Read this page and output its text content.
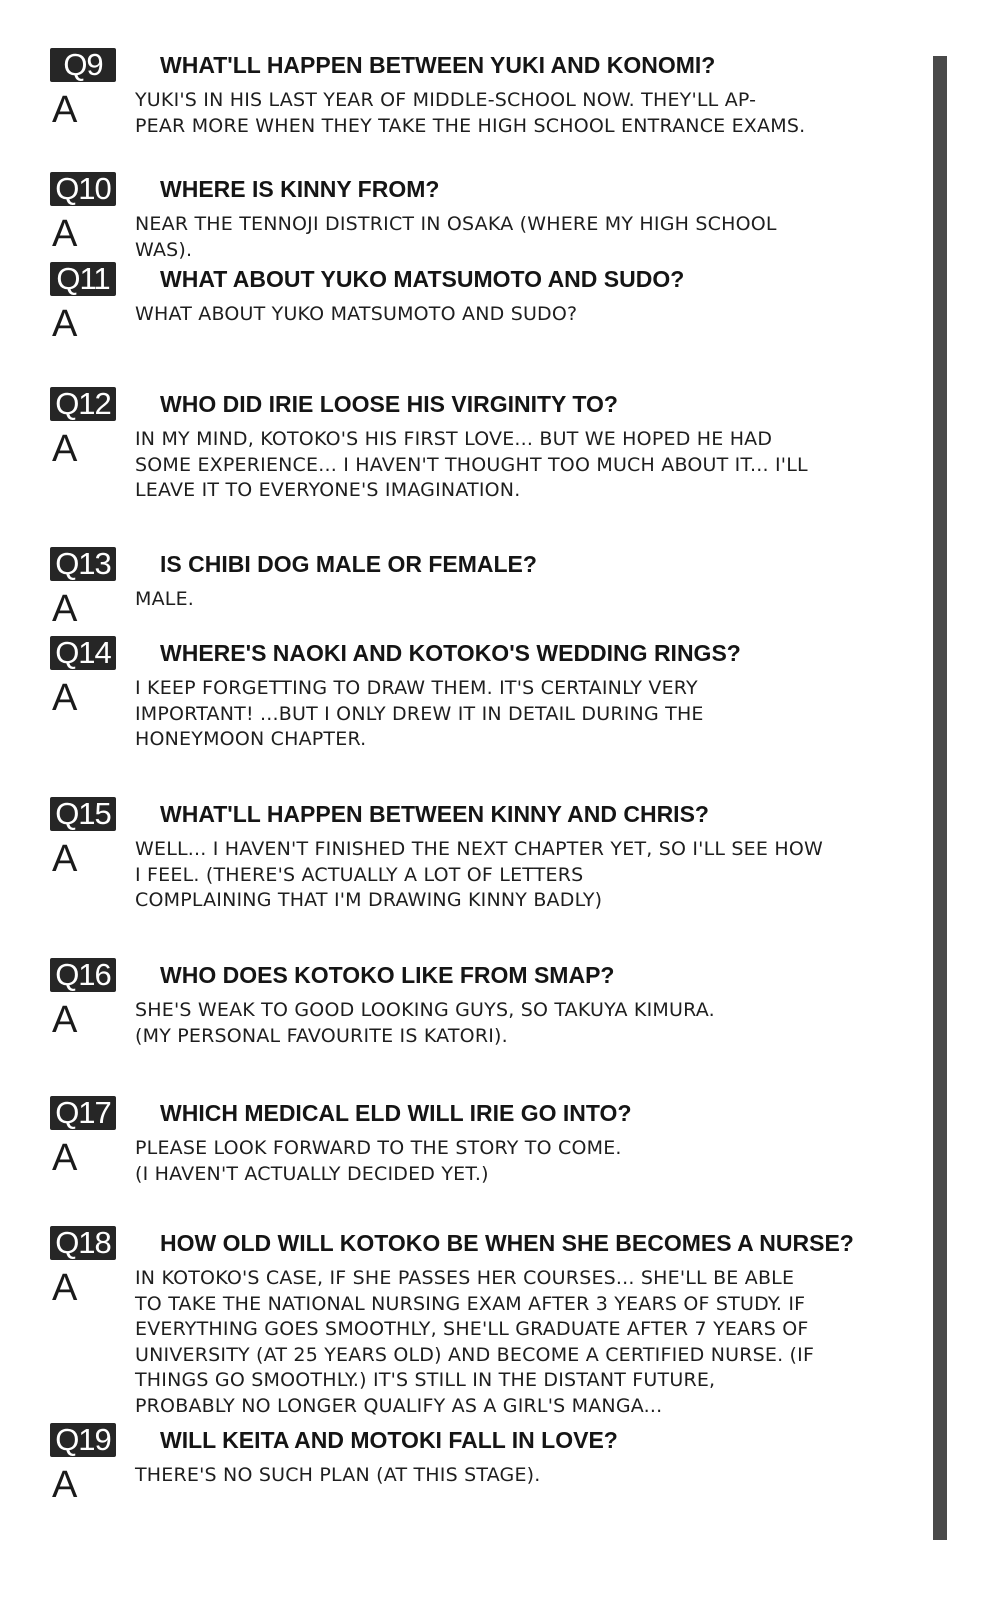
Q9	WHAT'LL HAPPEN BETWEEN YUKI AND KONOMI?
A	YUKI'S IN HIS LAST YEAR OF MIDDLE-SCHOOL NOW. THEY'LL AP-
PEAR MORE WHEN THEY TAKE THE HIGH SCHOOL ENTRANCE EXAMS.
Q10 WHERE IS KINNY FROM?
A	NEAR THE TENNOJI DISTRICT IN OSAKA (WHERE MY HIGH SCHOOL
WAS).
Q11 WHAT ABOUT YUKO MATSUMOTO AND SUDO?
A	WHAT ABOUT YUKO MATSUMOTO AND SUDO?
Q12 WHO DID IRIE LOOSE HIS VIRGINITY TO?
A	IN MY MIND, KOTOKO'S HIS FIRST LOVE... BUT WE HOPED HE HAD
SOME EXPERIENCE... I HAVEN'T THOUGHT TOO MUCH ABOUT IT... I'LL
LEAVE IT TO EVERYONE'S IMAGINATION.
Q13 IS CHIBI DOG MALE OR FEMALE?
A	MALE.
Q14 WHERE'S NAOKI AND KOTOKO'S WEDDING RINGS?
A	I KEEP FORGETTING TO DRAW THEM. IT'S CERTAINLY VERY
IMPORTANT! ...BUT I ONLY DREW IT IN DETAIL DURING THE
HONEYMOON CHAPTER.
Q15 WHAT'LL HAPPEN BETWEEN KINNY AND CHRIS?
A	WELL... I HAVEN'T FINISHED THE NEXT CHAPTER YET, SO I'LL SEE HOW
I FEEL. (THERE'S ACTUALLY A LOT OF LETTERS
COMPLAINING THAT I'M DRAWING KINNY BADLY)
Q16 WHO DOES KOTOKO LIKE FROM SMAP?
A	SHE'S WEAK TO GOOD LOOKING GUYS, SO TAKUYA KIMURA.
(MY PERSONAL FAVOURITE IS KATORI).
Q17 WHICH MEDICAL ELD WILL IRIE GO INTO?
A	PLEASE LOOK FORWARD TO THE STORY TO COME.
(I HAVEN'T ACTUALLY DECIDED YET.)
Q18 HOW OLD WILL KOTOKO BE WHEN SHE BECOMES A NURSE?
A	IN KOTOKO'S CASE, IF SHE PASSES HER COURSES... SHE'LL BE ABLE
TO TAKE THE NATIONAL NURSING EXAM AFTER 3 YEARS OF STUDY. IF
EVERYTHING GOES SMOOTHLY, SHE'LL GRADUATE AFTER 7 YEARS OF
UNIVERSITY (AT 25 YEARS OLD) AND BECOME A CERTIFIED NURSE. (IF
THINGS GO SMOOTHLY.) IT'S STILL IN THE DISTANT FUTURE,
PROBABLY NO LONGER QUALIFY AS A GIRL'S MANGA...
Q19 WILL KEITA AND MOTOKI FALL IN LOVE?
A	THERE'S NO SUCH PLAN (AT THIS STAGE).
